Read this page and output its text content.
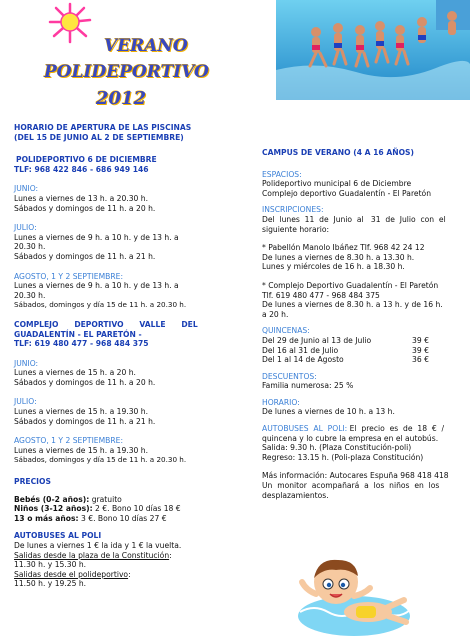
VERANO
POLIDEPORTIVO
2012
HORARIO DE APERTURA DE LAS PISCINAS
(DEL 15 DE JUNIO AL 2 DE SEPTIEMBRE)
POLIDEPORTIVO 6 DE DICIEMBRE
TLF: 968 422 846 - 686 949 146
JUNIO:
Lunes a viernes de 13 h. a 20.30 h.
Sábados y domingos de 11 h. a 20 h.
JULIO:
Lunes a viernes de 9 h. a 10 h. y de 13 h. a
20.30 h.
Sábados y domingos de 11 h. a 21 h.
AGOSTO, 1 Y 2 SEPTIEMBRE:
Lunes a viernes de 9 h. a 10 h. y de 13 h. a
20.30 h.
Sábados, domingos y día 15 de 11 h. a 20.30 h.
COMPLEJO      DEPORTIVO      VALLE      DEL
GUADALENTÍN - EL PARETÓN -
TLF: 619 480 477 - 968 484 375
JUNIO:
Lunes a viernes de 15 h. a 20 h.
Sábados y domingos de 11 h. a 20 h.
JULIO:
Lunes a viernes de 15 h. a 19.30 h.
Sábados y domingos de 11 h. a 21 h.
AGOSTO, 1 Y 2 SEPTIEMBRE:
Lunes a viernes de 15 h. a 19.30 h.
Sábados, domingos y día 15 de 11 h. a 20.30 h.
PRECIOS
Bebés (0-2 años): gratuito
Niños (3-12 años): 2 €. Bono 10 días 18 €
13 o más años: 3 €. Bono 10 días 27 €
AUTOBUSES AL POLI
De lunes a viernes 1 € la ida y 1 € la vuelta.
Salidas desde la plaza de la Constitución:
11.30 h. y 15.30 h.
Salidas desde el polideportivo:
11.50 h. y 19.25 h.
CAMPUS DE VERANO (4 A 16 AÑOS)
ESPACIOS:
Polideportivo municipal 6 de Diciembre
Complejo deportivo Guadalentín - El Paretón
INSCRIPCIONES:
Del  lunes  11  de  Junio  al   31  de  Julio  con  el
siguiente horario:
* Pabellón Manolo Ibáñez Tlf. 968 42 24 12
De lunes a viernes de 8.30 h. a 13.30 h.
Lunes y miércoles de 16 h. a 18.30 h.
* Complejo Deportivo Guadalentín - El Paretón
Tlf. 619 480 477 - 968 484 375
De lunes a viernes de 8.30 h. a 13 h. y de 16 h.
a 20 h.
QUINCENAS:
Del 29 de Junio al 13 de Julio	39 €
Del 16 al 31 de Julio	39 €
Del 1 al 14 de Agosto	36 €
DESCUENTOS:
Familia numerosa: 25 %
HORARIO:
De lunes a viernes de 10 h. a 13 h.
AUTOBUSES  AL  POLI: El  precio  es  de  18  €  /
quincena y lo cubre la empresa en el autobús.
Salida: 9.30 h. (Plaza Constitución-poli)
Regreso: 13.15 h. (Poli-plaza Constitución)
Más información: Autocares Espuña 968 418 418
Un  monitor  acompañará  a  los  niños  en  los
desplazamientos.
